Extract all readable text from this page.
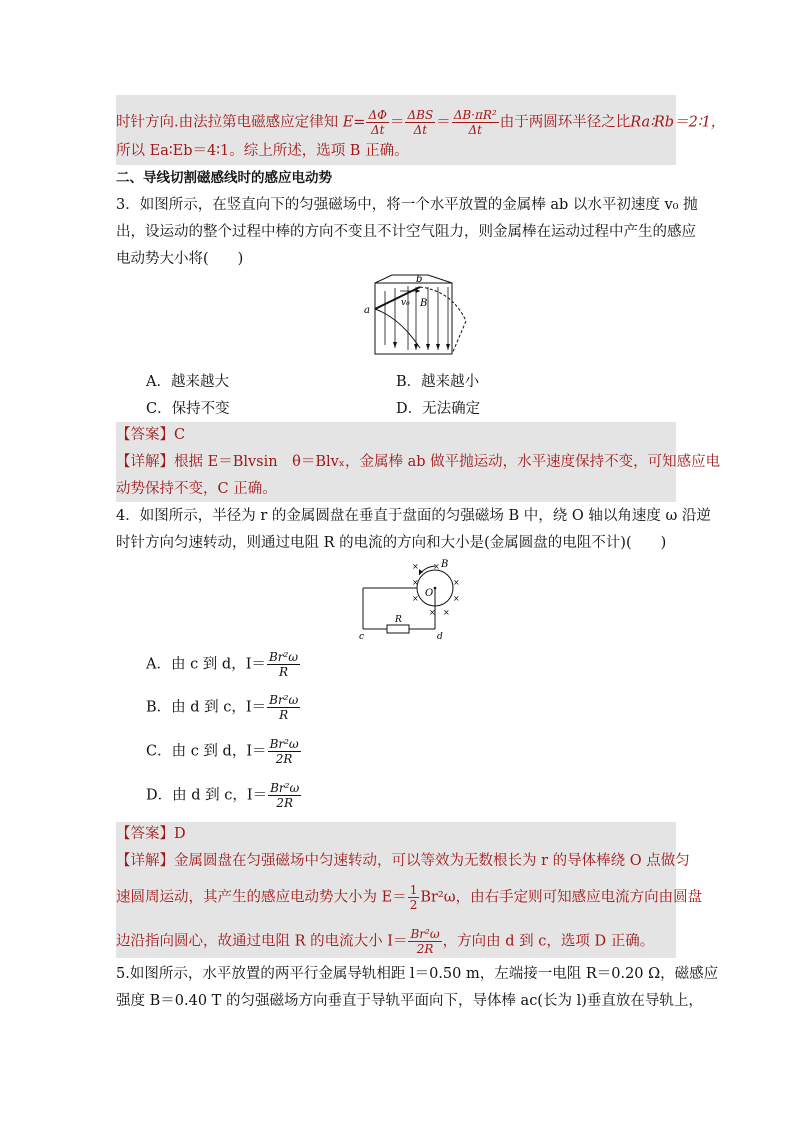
时针方向.由法拉第电磁感应定律知 $E= \frac{\Delta\Phi}{\Delta t} = \frac{\text{ΔBS}}{\Delta t} = \frac{\text{ΔB·πR²}}{\Delta t}$ 由于两圆环半径之比Ra∶Rb＝2∶1，
所以 Ea∶Eb＝4∶1。综上所述，选项 B 正确。
二、导线切割磁感线时的感应电动势
3．如图所示，在竖直向下的匀强磁场中，将一个水平放置的金属棒 ab 以水平初速度 v₀ 抛
出，设运动的整个过程中棒的方向不变且不计空气阻力，则金属棒在运动过程中产生的感应
电动势大小将(　　)
a
b
v₀ B
A．越来越大	B．越来越小
C．保持不变	D．无法确定
【答案】C
【详解】根据 E＝Blvsin　θ＝Blvₓ，金属棒 ab 做平抛运动，水平速度保持不变，可知感应电
动势保持不变，C 正确。
4．如图所示，半径为 r 的金属圆盘在垂直于盘面的匀强磁场 B 中，绕 O 轴以角速度 ω 沿逆
时针方向匀速转动，则通过电阻 R 的电流的方向和大小是(金属圆盘的电阻不计)(　　)
× ×
×	×
×	×
× ×
B
O
R
c	d
A．由 c 到 d，$I= \frac{\text{Br²ω}}{R}$
B．由 d 到 c，$I= \frac{\text{Br²ω}}{R}$
C．由 c 到 d，$I= \frac{\text{Br²ω}}{2R}$
D．由 d 到 c，$I= \frac{\text{Br²ω}}{2R}$
【答案】D
【详解】金属圆盘在匀强磁场中匀速转动，可以等效为无数根长为 r 的导体棒绕 O 点做匀
速圆周运动，其产生的感应电动势大小为 $E= \frac{1}{2} Br^2\omega$，由右手定则可知感应电流方向由圆盘
边沿指向圆心，故通过电阻 R 的电流大小 $I= \frac{\text{Br²ω}}{2R}$ ，方向由 d 到 c，选项 D 正确。
5.如图所示，水平放置的两平行金属导轨相距 l＝0.50 m，左端接一电阻 R＝0.20 Ω，磁感应
强度 B＝0.40 T 的匀强磁场方向垂直于导轨平面向下，导体棒 ac(长为 l)垂直放在导轨上，
